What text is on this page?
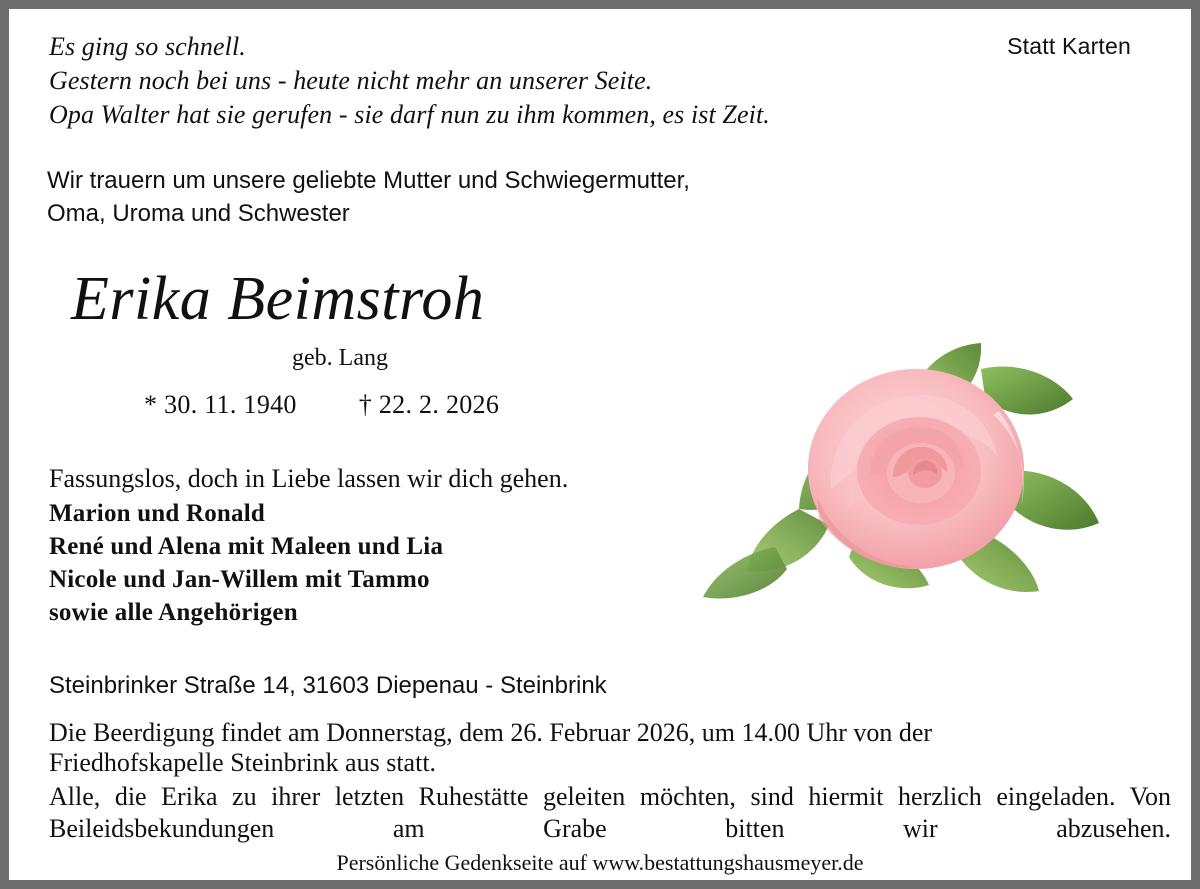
Es ging so schnell.
Gestern noch bei uns - heute nicht mehr an unserer Seite.
Opa Walter hat sie gerufen - sie darf nun zu ihm kommen, es ist Zeit.
Statt Karten
Wir trauern um unsere geliebte Mutter und Schwiegermutter,
Oma, Uroma und Schwester
Erika Beimstroh
geb. Lang
* 30. 11. 1940 † 22. 2. 2026
Fassungslos, doch in Liebe lassen wir dich gehen.
Marion und Ronald
René und Alena mit Maleen und Lia
Nicole und Jan-Willem mit Tammo
sowie alle Angehörigen
Steinbrinker Straße 14, 31603 Diepenau - Steinbrink
Die Beerdigung findet am Donnerstag, dem 26. Februar 2026, um 14.00 Uhr von der
Friedhofskapelle Steinbrink aus statt.
Alle, die Erika zu ihrer letzten Ruhestätte geleiten möchten, sind hiermit herzlich eingeladen. Von Beileidsbekundungen am Grabe bitten wir abzusehen.
Persönliche Gedenkseite auf www.bestattungshausmeyer.de
